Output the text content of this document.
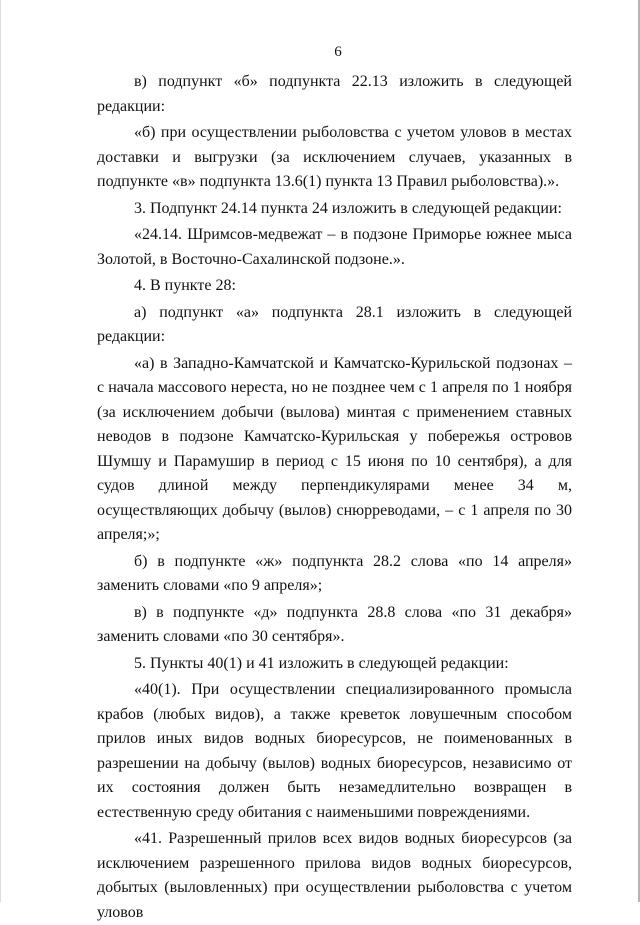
6

в) подпункт «б» подпункта 22.13 изложить в следующей редакции:

«б) при осуществлении рыболовства с учетом уловов в местах доставки и выгрузки (за исключением случаев, указанных в подпункте «в» подпункта 13.6(1) пункта 13 Правил рыболовства).».

3. Подпункт 24.14 пункта 24 изложить в следующей редакции:

«24.14. Шримсов-медвежат – в подзоне Приморье южнее мыса Золотой, в Восточно-Сахалинской подзоне.».

4. В пункте 28:

а) подпункт «а» подпункта 28.1 изложить в следующей редакции:

«а) в Западно-Камчатской и Камчатско-Курильской подзонах – с начала массового нереста, но не позднее чем с 1 апреля по 1 ноября (за исключением добычи (вылова) минтая с применением ставных неводов в подзоне Камчатско-Курильская у побережья островов Шумшу и Парамушир в период с 15 июня по 10 сентября), а для судов длиной между перпендикулярами менее 34 м, осуществляющих добычу (вылов) снюрреводами, – с 1 апреля по 30 апреля;»;

б) в подпункте «ж» подпункта 28.2 слова «по 14 апреля» заменить словами «по 9 апреля»;

в) в подпункте «д» подпункта 28.8 слова «по 31 декабря» заменить словами «по 30 сентября».

5. Пункты 40(1) и 41 изложить в следующей редакции:

«40(1). При осуществлении специализированного промысла крабов (любых видов), а также креветок ловушечным способом прилов иных видов водных биоресурсов, не поименованных в разрешении на добычу (вылов) водных биоресурсов, независимо от их состояния должен быть незамедлительно возвращен в естественную среду обитания с наименьшими повреждениями.

«41. Разрешенный прилов всех видов водных биоресурсов (за исключением разрешенного прилова видов водных биоресурсов, добытых (выловленных) при осуществлении рыболовства с учетом уловов
